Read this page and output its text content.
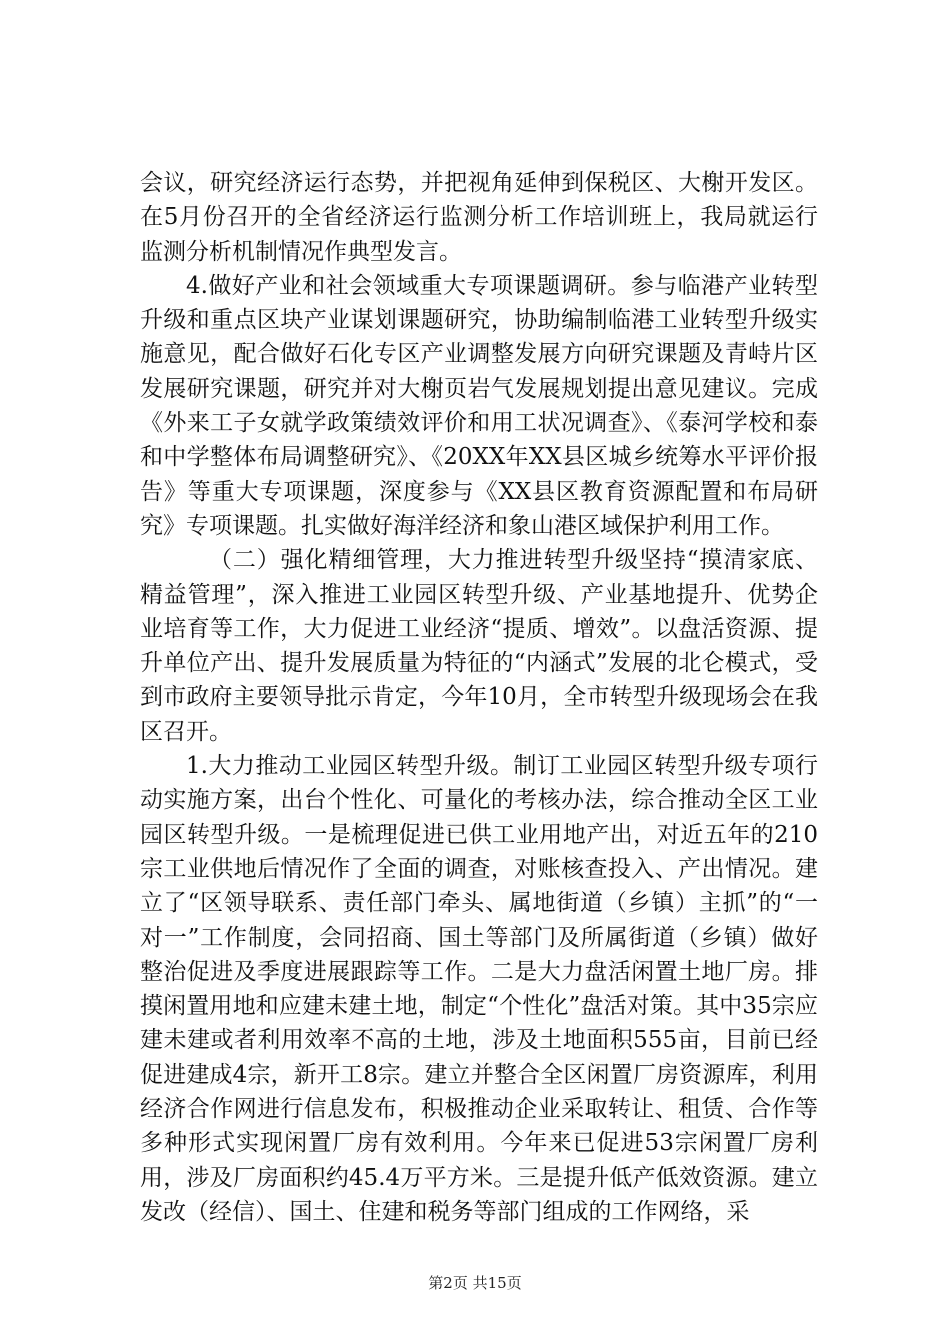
会议，研究经济运行态势，并把视角延伸到保税区、大榭开发区。在5月份召开的全省经济运行监测分析工作培训班上，我局就运行监测分析机制情况作典型发言。

4.做好产业和社会领域重大专项课题调研。参与临港产业转型升级和重点区块产业谋划课题研究，协助编制临港工业转型升级实施意见，配合做好石化专区产业调整发展方向研究课题及青峙片区发展研究课题，研究并对大榭页岩气发展规划提出意见建议。完成《外来工子女就学政策绩效评价和用工状况调查》、《泰河学校和泰和中学整体布局调整研究》、《20XX年XX县区城乡统筹水平评价报告》等重大专项课题，深度参与《XX县区教育资源配置和布局研究》专项课题。扎实做好海洋经济和象山港区域保护利用工作。

（二）强化精细管理，大力推进转型升级坚持“摸清家底、精益管理”，深入推进工业园区转型升级、产业基地提升、优势企业培育等工作，大力促进工业经济“提质、增效”。以盘活资源、提升单位产出、提升发展质量为特征的“内涵式”发展的北仑模式，受到市政府主要领导批示肯定，今年10月，全市转型升级现场会在我区召开。

1.大力推动工业园区转型升级。制订工业园区转型升级专项行动实施方案，出台个性化、可量化的考核办法，综合推动全区工业园区转型升级。一是梳理促进已供工业用地产出，对近五年的210宗工业供地后情况作了全面的调查，对账核查投入、产出情况。建立了“区领导联系、责任部门牵头、属地街道（乡镇）主抓”的“一对一”工作制度，会同招商、国土等部门及所属街道（乡镇）做好整治促进及季度进展跟踪等工作。二是大力盘活闲置土地厂房。排摸闲置用地和应建未建土地，制定“个性化”盘活对策。其中35宗应建未建或者利用效率不高的土地，涉及土地面积555亩，目前已经促进建成4宗，新开工8宗。建立并整合全区闲置厂房资源库，利用经济合作网进行信息发布，积极推动企业采取转让、租赁、合作等多种形式实现闲置厂房有效利用。今年来已促进53宗闲置厂房利用，涉及厂房面积约45.4万平方米。三是提升低产低效资源。建立发改（经信）、国土、住建和税务等部门组成的工作网络，采

第2页 共15页
